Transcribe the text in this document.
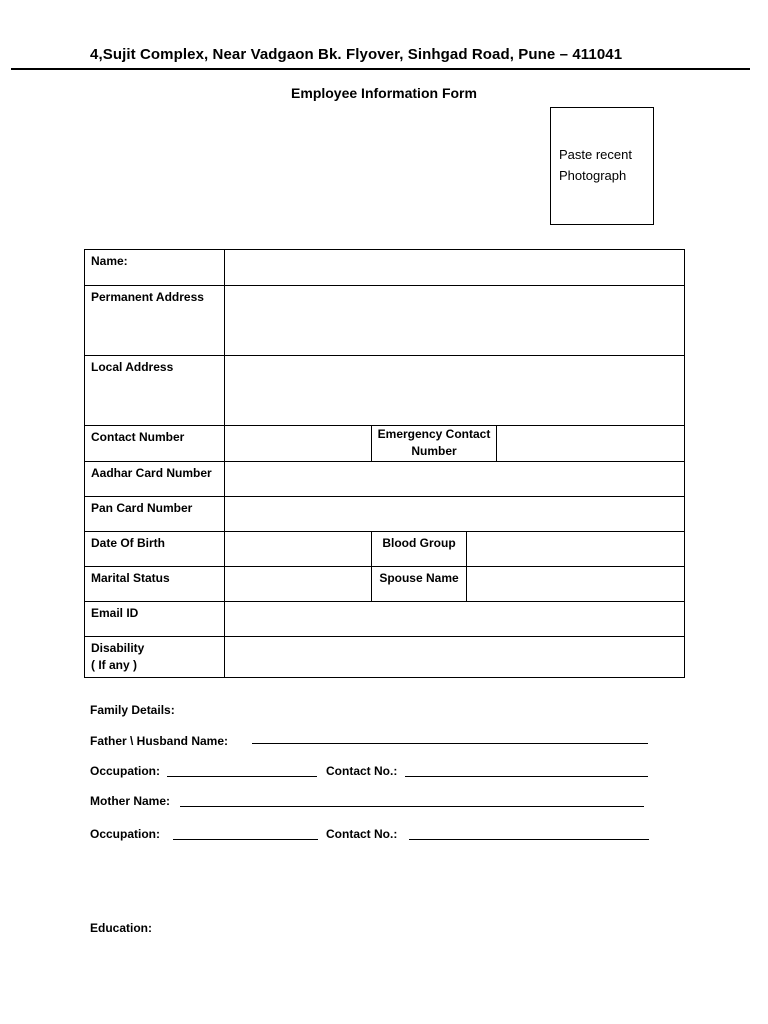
4,Sujit Complex, Near Vadgaon Bk. Flyover, Sinhgad Road, Pune – 411041
Employee Information Form
Paste recent
Photograph
Name:				
Permanent Address				
Local Address				
Contact Number		Emergency Contact
Number		

Aadhar Card Number				
Pan Card Number				
Date Of Birth		Blood Group		
Marital Status		Spouse Name		
Email ID				

Disability
( If any )				

Family Details:
Father \ Husband Name:
Occupation:	Contact No.:
Mother Name:
Occupation:	Contact No.:
Education:
